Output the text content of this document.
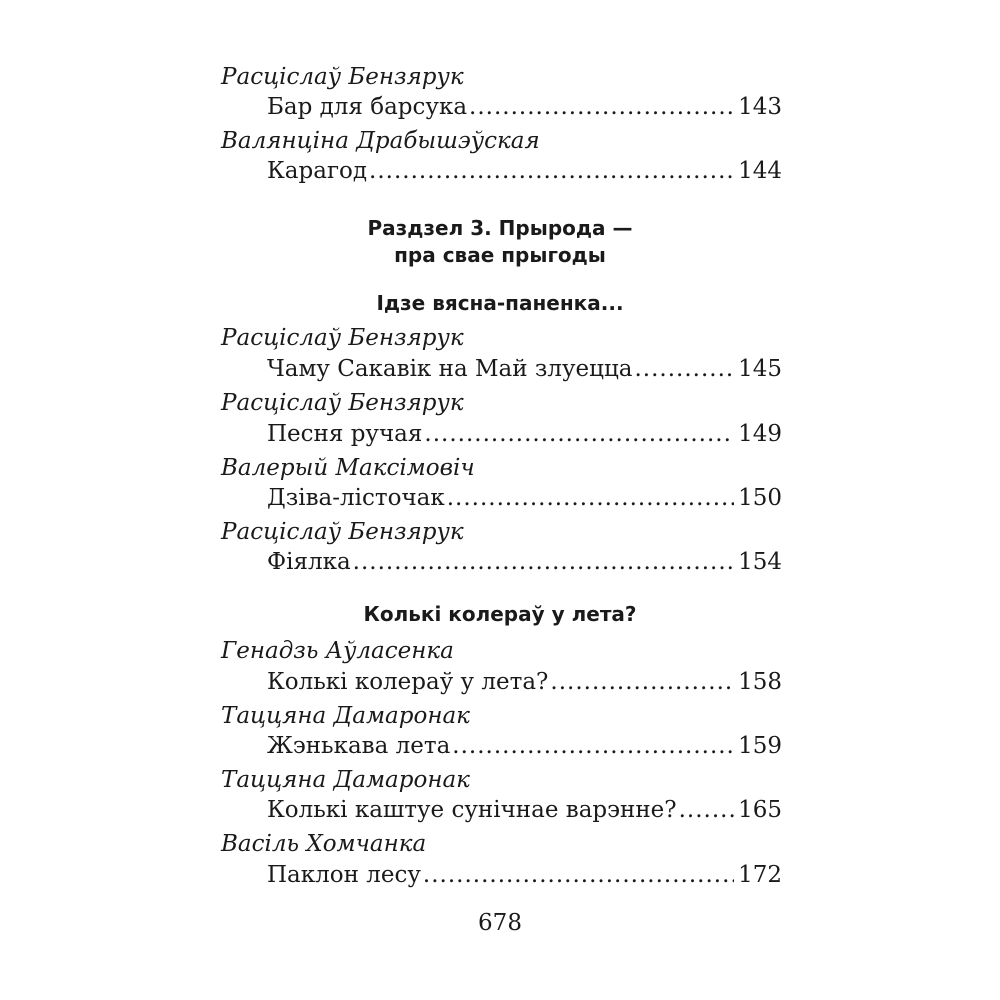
Расціслаў Бензярук
Бар для барсука .....	143
Валянціна Драбышэўская
Карагод .....	144
Раздзел 3. Прырода —
пра свае прыгоды
Ідзе вясна-паненка...
Расціслаў Бензярук
Чаму Сакавік на Май злуецца .....	145
Расціслаў Бензярук
Песня ручая .....	149
Валерый Максімовіч
Дзіва-лісточак .....	150
Расціслаў Бензярук
Фіялка .....	154
Колькі колераў у лета?
Генадзь Аўласенка
Колькі колераў у лета? .....	158
Таццяна Дамаронак
Жэнькава лета .....	159
Таццяна Дамаронак
Колькі каштуе сунічнае варэнне? .....	165
Васіль Хомчанка
Паклон лесу .....	172
678
